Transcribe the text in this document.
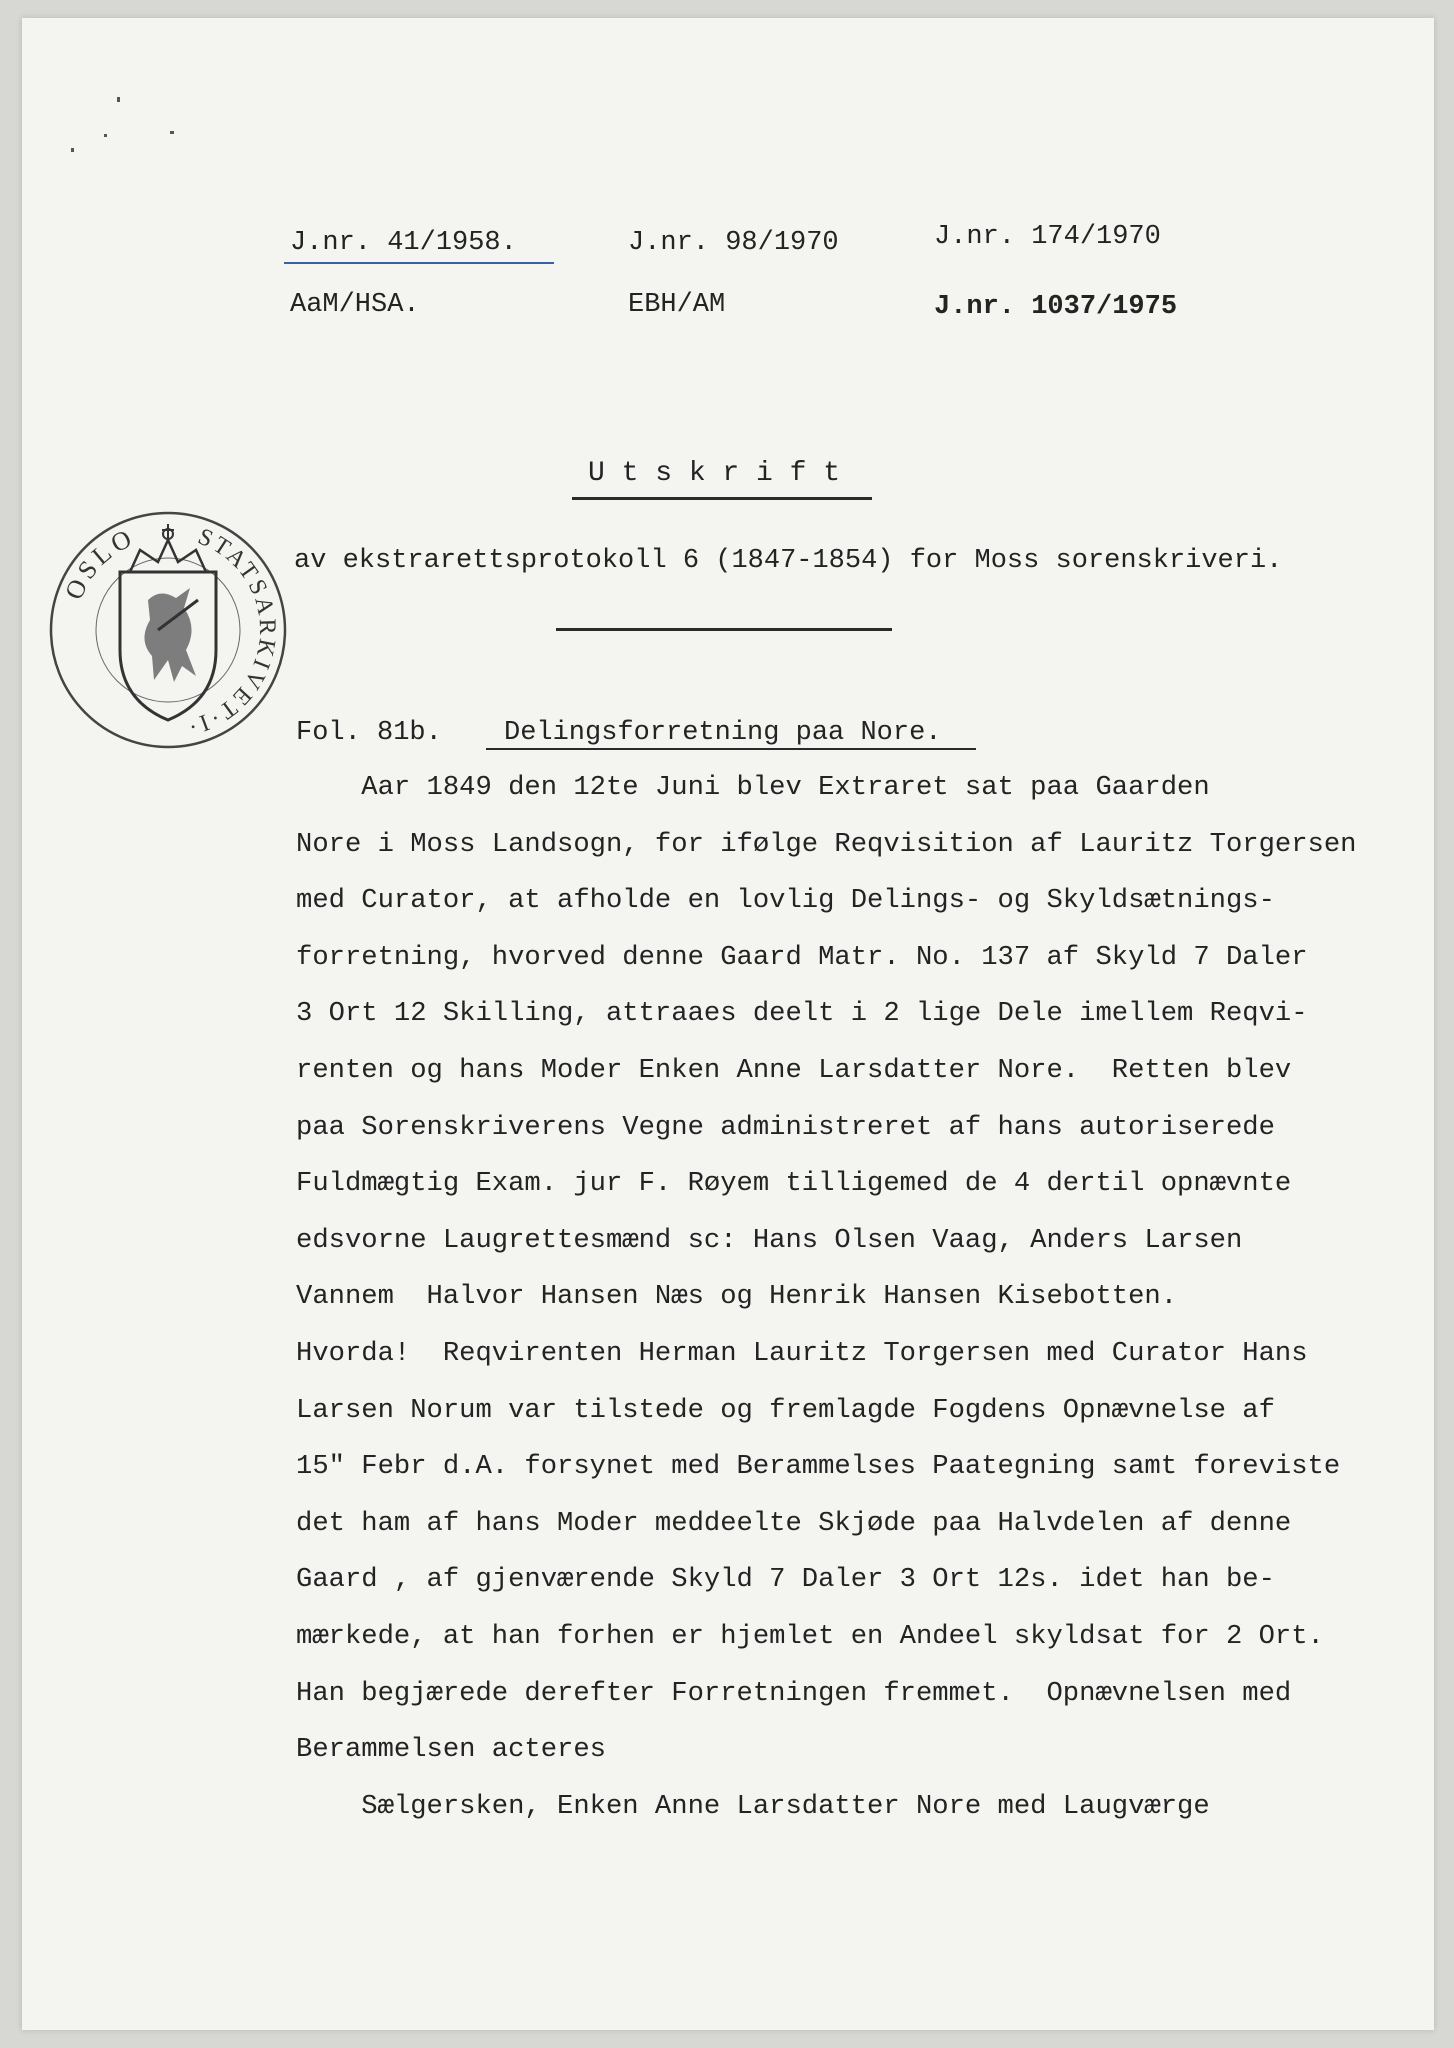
J.nr. 41/1958.
AaM/HSA.
J.nr. 98/1970
EBH/AM
J.nr. 174/1970
J.nr. 1037/1975
U t s k r i f t
av ekstrarettsprotokoll 6 (1847-1854) for Moss sorenskriveri.
OSLO	STATSARKIVET·I·	Fol. 81b. Delingsforretning paa Nore.
Aar 1849 den 12te Juni blev Extraret sat paa Gaarden
Nore i Moss Landsogn, for ifølge Reqvisition af Lauritz Torgersen
med Curator, at afholde en lovlig Delings- og Skyldsætnings-
forretning, hvorved denne Gaard Matr. No. 137 af Skyld 7 Daler
3 Ort 12 Skilling, attraaes deelt i 2 lige Dele imellem Reqvi-
renten og hans Moder Enken Anne Larsdatter Nore.  Retten blev
paa Sorenskriverens Vegne administreret af hans autoriserede
Fuldmægtig Exam. jur F. Røyem tilligemed de 4 dertil opnævnte
edsvorne Laugrettesmænd sc: Hans Olsen Vaag, Anders Larsen
Vannem  Halvor Hansen Næs og Henrik Hansen Kisebotten.
Hvorda!  Reqvirenten Herman Lauritz Torgersen med Curator Hans
Larsen Norum var tilstede og fremlagde Fogdens Opnævnelse af
15" Febr d.A. forsynet med Berammelses Paategning samt foreviste
det ham af hans Moder meddeelte Skjøde paa Halvdelen af denne
Gaard , af gjenværende Skyld 7 Daler 3 Ort 12s. idet han be-
mærkede, at han forhen er hjemlet en Andeel skyldsat for 2 Ort.
Han begjærede derefter Forretningen fremmet.  Opnævnelsen med
Berammelsen acteres
Sælgersken, Enken Anne Larsdatter Nore med Laugværge
